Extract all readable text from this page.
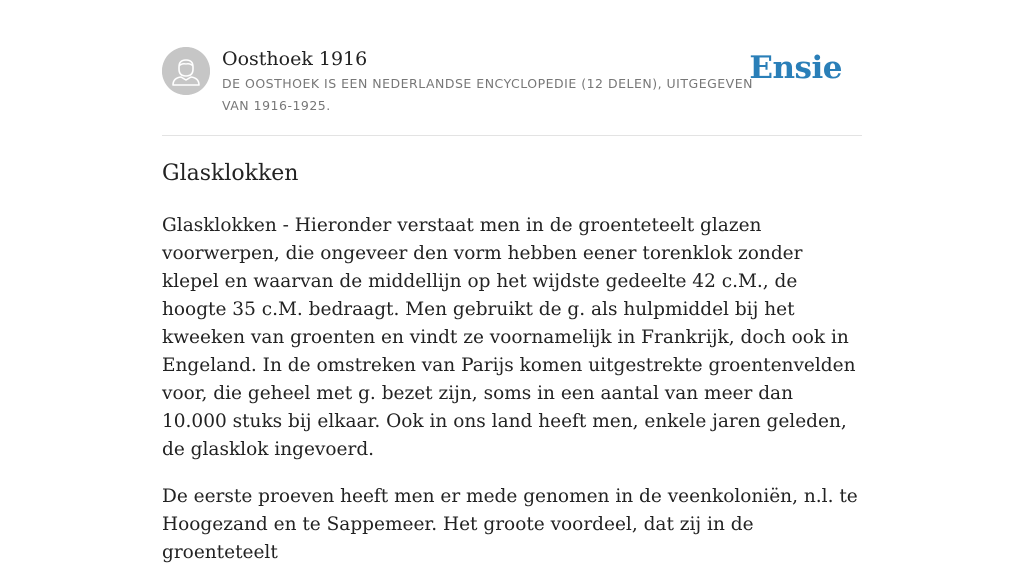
Oosthoek 1916

DE OOSTHOEK IS EEN NEDERLANDSE ENCYCLOPEDIE (12 DELEN), UITGEGEVEN VAN 1916-1925.

Ensie
Glasklokken

Glasklokken - Hieronder verstaat men in de groenteteelt glazen voorwerpen, die ongeveer den vorm hebben eener torenklok zonder klepel en waarvan de middellijn op het wijdste gedeelte 42 c.M., de hoogte 35 c.M. bedraagt. Men gebruikt de g. als hulpmiddel bij het kweeken van groenten en vindt ze voornamelijk in Frankrijk, doch ook in Engeland. In de omstreken van Parijs komen uitgestrekte groentenvelden voor, die geheel met g. bezet zijn, soms in een aantal van meer dan 10.000 stuks bij elkaar. Ook in ons land heeft men, enkele jaren geleden, de glasklok ingevoerd.

De eerste proeven heeft men er mede genomen in de veenkoloniën, n.l. te Hoogezand en te Sappemeer. Het groote voordeel, dat zij in de groenteteelt
